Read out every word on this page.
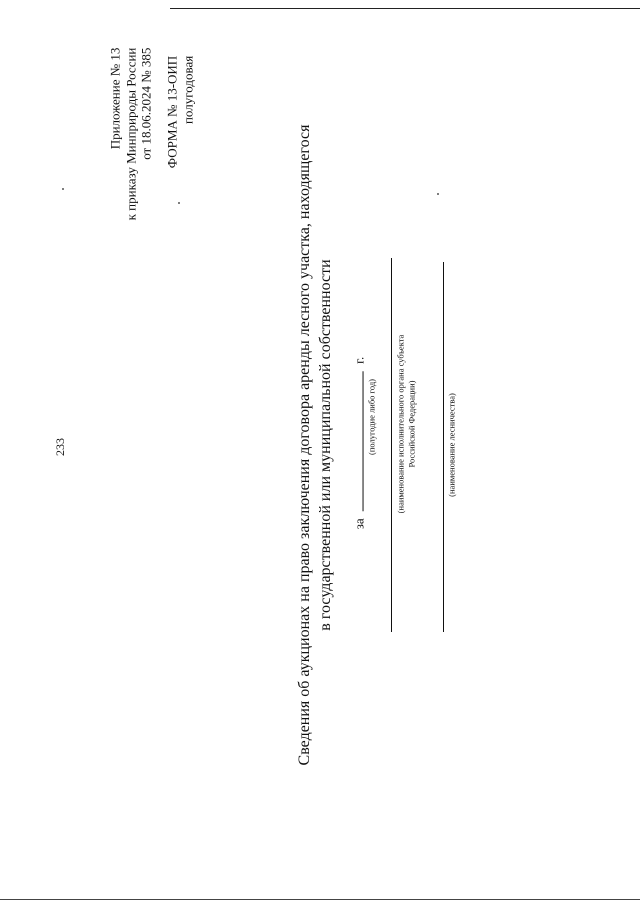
233
Приложение № 13 к приказу Минприроды России от 18.06.2024 № 385 ФОРМА № 13-ОИП полугодовая
Сведения об аукционах на право заключения договора аренды лесного участка, находящегося в государственной или муниципальной собственности за  г.
(полугодие либо год) (наименование исполнительного органа субъекта Российской Федерации)	(наименование лесничества)
